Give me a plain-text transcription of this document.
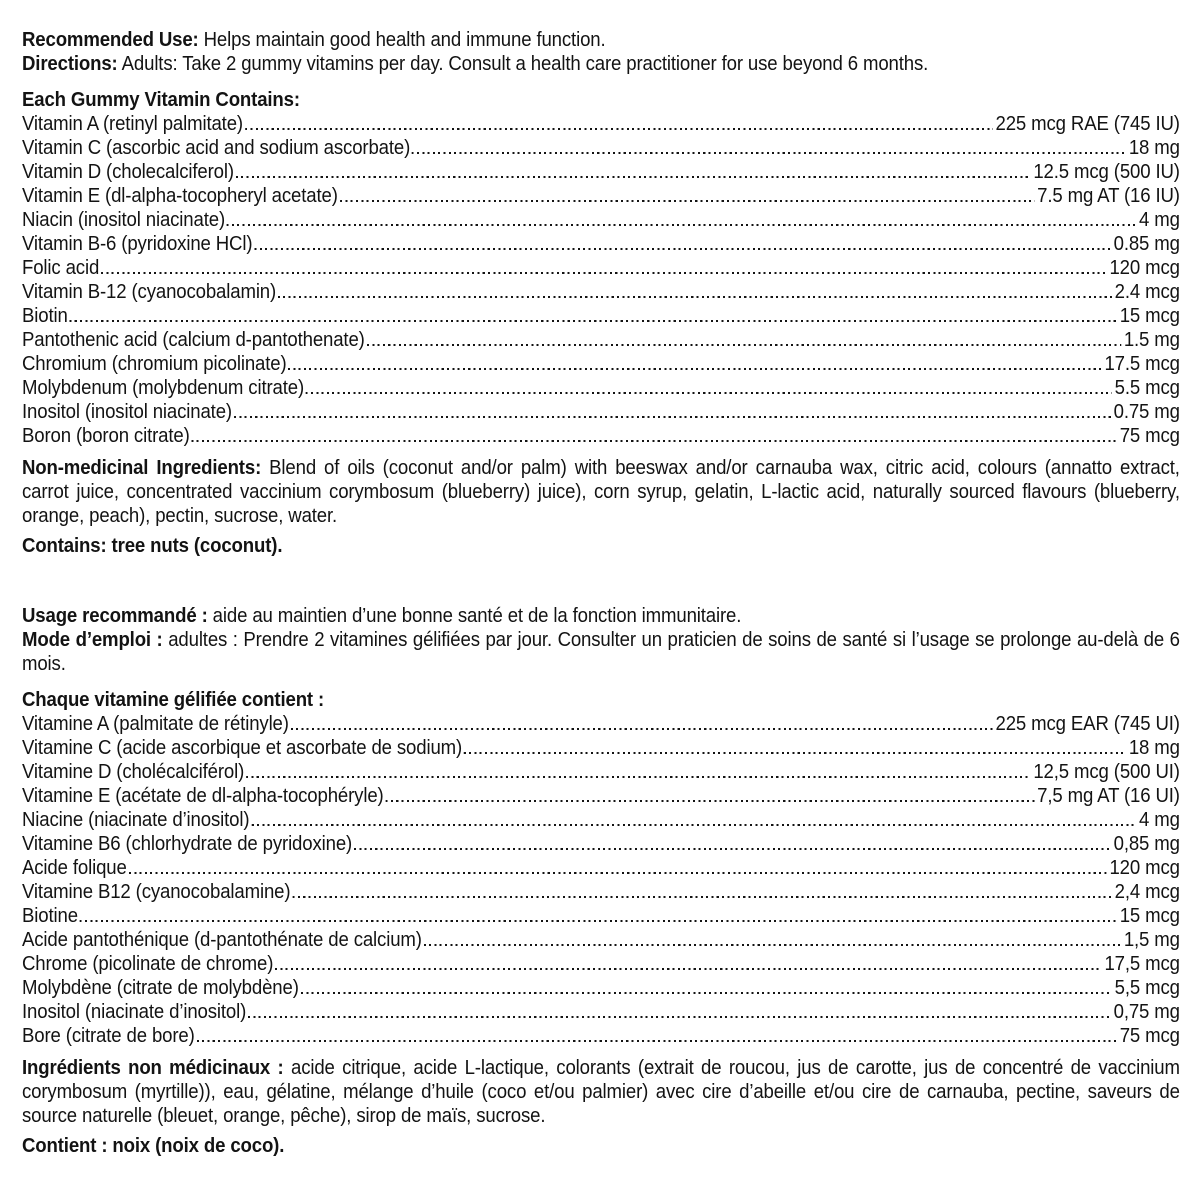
Recommended Use: Helps maintain good health and immune function.

Directions: Adults: Take 2 gummy vitamins per day. Consult a health care practitioner for use beyond 6 months.

Each Gummy Vitamin Contains:

Vitamin A (retinyl palmitate)	225 mcg RAE (745 IU)
Vitamin C (ascorbic acid and sodium ascorbate)	18 mg
Vitamin D (cholecalciferol)	12.5 mcg (500 IU)
Vitamin E (dl-alpha-tocopheryl acetate)	7.5 mg AT (16 IU)
Niacin (inositol niacinate)	4 mg
Vitamin B-6 (pyridoxine HCl)	0.85 mg
Folic acid	120 mcg
Vitamin B-12 (cyanocobalamin)	2.4 mcg
Biotin	15 mcg
Pantothenic acid (calcium d-pantothenate)	1.5 mg
Chromium (chromium picolinate)	17.5 mcg
Molybdenum (molybdenum citrate)	5.5 mcg
Inositol (inositol niacinate)	0.75 mg
Boron (boron citrate)	75 mcg

Non-medicinal Ingredients: Blend of oils (coconut and/or palm) with beeswax and/or carnauba wax, citric acid, colours (annatto extract, carrot juice, concentrated vaccinium corymbosum (blueberry) juice), corn syrup, gelatin, L-lactic acid, naturally sourced flavours (blueberry, orange, peach), pectin, sucrose, water.

Contains: tree nuts (coconut).

Usage recommandé : aide au maintien d’une bonne santé et de la fonction immunitaire.

Mode d’emploi : adultes : Prendre 2 vitamines gélifiées par jour. Consulter un praticien de soins de santé si l’usage se prolonge au-delà de 6 mois.

Chaque vitamine gélifiée contient :

Vitamine A (palmitate de rétinyle)	225 mcg EAR (745 UI)
Vitamine C (acide ascorbique et ascorbate de sodium)	18 mg
Vitamine D (cholécalciférol)	12,5 mcg (500 UI)
Vitamine E (acétate de dl-alpha-tocophéryle)	7,5 mg AT (16 UI)
Niacine (niacinate d’inositol)	4 mg
Vitamine B6 (chlorhydrate de pyridoxine)	0,85 mg
Acide folique	120 mcg
Vitamine B12 (cyanocobalamine)	2,4 mcg
Biotine	15 mcg
Acide pantothénique (d-pantothénate de calcium)	1,5 mg
Chrome (picolinate de chrome)	17,5 mcg
Molybdène (citrate de molybdène)	5,5 mcg
Inositol (niacinate d’inositol)	0,75 mg
Bore (citrate de bore)	75 mcg

Ingrédients non médicinaux : acide citrique, acide L-lactique, colorants (extrait de roucou, jus de carotte, jus de concentré de vaccinium corymbosum (myrtille)), eau, gélatine, mélange d’huile (coco et/ou palmier) avec cire d’abeille et/ou cire de carnauba, pectine, saveurs de source naturelle (bleuet, orange, pêche), sirop de maïs, sucrose.

Contient : noix (noix de coco).
